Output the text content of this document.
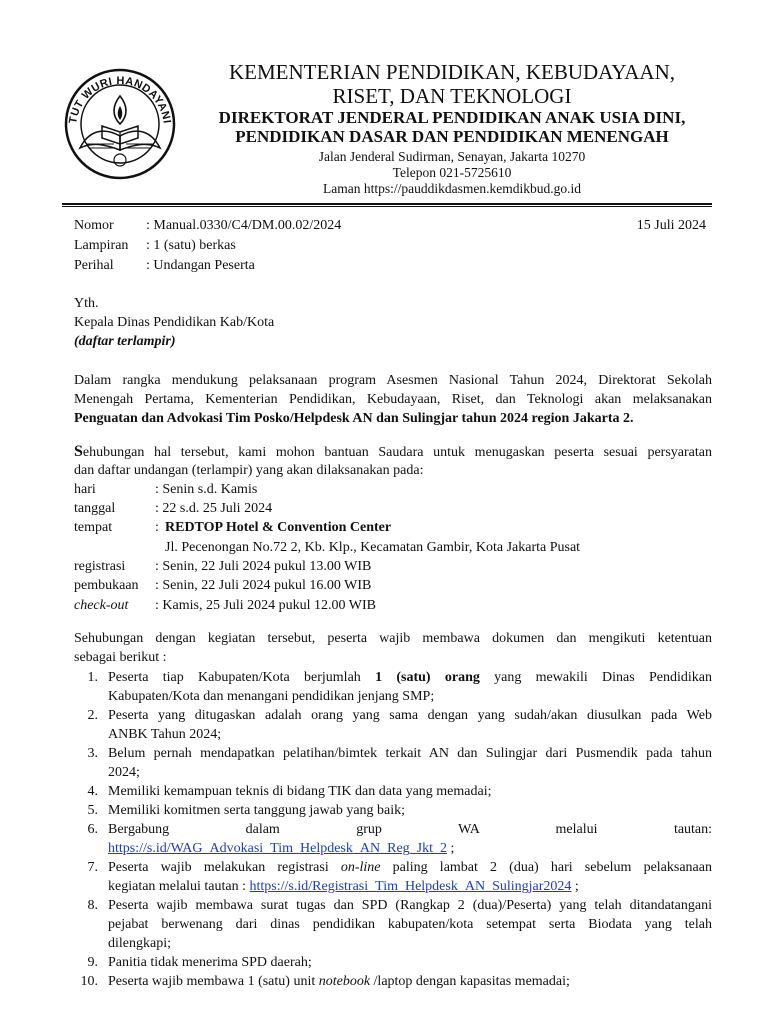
TUT WURI HANDAYANI
KEMENTERIAN PENDIDIKAN, KEBUDAYAAN,
RISET, DAN TEKNOLOGI
DIREKTORAT JENDERAL PENDIDIKAN ANAK USIA DINI,
PENDIDIKAN DASAR DAN PENDIDIKAN MENENGAH
Jalan Jenderal Sudirman, Senayan, Jakarta 10270
Telepon 021-5725610
Laman https://pauddikdasmen.kemdikbud.go.id
Nomor : Manual.0330/C4/DM.00.02/2024	15 Juli 2024
Lampiran : 1 (satu) berkas
Perihal : Undangan Peserta
Yth.
Kepala Dinas Pendidikan Kab/Kota
(daftar terlampir)
Dalam rangka mendukung pelaksanaan program Asesmen Nasional Tahun 2024, Direktorat Sekolah
Menengah Pertama, Kementerian Pendidikan, Kebudayaan, Riset, dan Teknologi akan melaksanakan
Penguatan dan Advokasi Tim Posko/Helpdesk AN dan Sulingjar tahun 2024 region Jakarta 2.
Sehubungan hal tersebut, kami mohon bantuan Saudara untuk menugaskan peserta sesuai persyaratan
dan daftar undangan (terlampir) yang akan dilaksanakan pada:
hari	: Senin s.d. Kamis
tanggal	: 22 s.d. 25 Juli 2024
tempat	: REDTOP Hotel & Convention Center
Jl. Pecenongan No.72 2, Kb. Klp., Kecamatan Gambir, Kota Jakarta Pusat
registrasi : Senin, 22 Juli 2024 pukul 13.00 WIB
pembukaan : Senin, 22 Juli 2024 pukul 16.00 WIB
check-out : Kamis, 25 Juli 2024 pukul 12.00 WIB
Sehubungan dengan kegiatan tersebut, peserta wajib membawa dokumen dan mengikuti ketentuan
sebagai berikut :
1. Peserta tiap Kabupaten/Kota berjumlah 1 (satu) orang yang mewakili Dinas Pendidikan
Kabupaten/Kota dan menangani pendidikan jenjang SMP;
2. Peserta yang ditugaskan adalah orang yang sama dengan yang sudah/akan diusulkan pada Web
ANBK Tahun 2024;
3. Belum pernah mendapatkan pelatihan/bimtek terkait AN dan Sulingjar dari Pusmendik pada tahun
2024;
4. Memiliki kemampuan teknis di bidang TIK dan data yang memadai;
5. Memiliki komitmen serta tanggung jawab yang baik;
6. Bergabung	dalam	grup	WA	melalui	tautan:
https://s.id/WAG_Advokasi_Tim_Helpdesk_AN_Reg_Jkt_2 ;
7. Peserta wajib melakukan registrasi on-line paling lambat 2 (dua) hari sebelum pelaksanaan
kegiatan melalui tautan : https://s.id/Registrasi_Tim_Helpdesk_AN_Sulingjar2024 ;
8. Peserta wajib membawa surat tugas dan SPD (Rangkap 2 (dua)/Peserta) yang telah ditandatangani
pejabat berwenang dari dinas pendidikan kabupaten/kota setempat serta Biodata yang telah
dilengkapi;
9. Panitia tidak menerima SPD daerah;
10. Peserta wajib membawa 1 (satu) unit notebook /laptop dengan kapasitas memadai;
